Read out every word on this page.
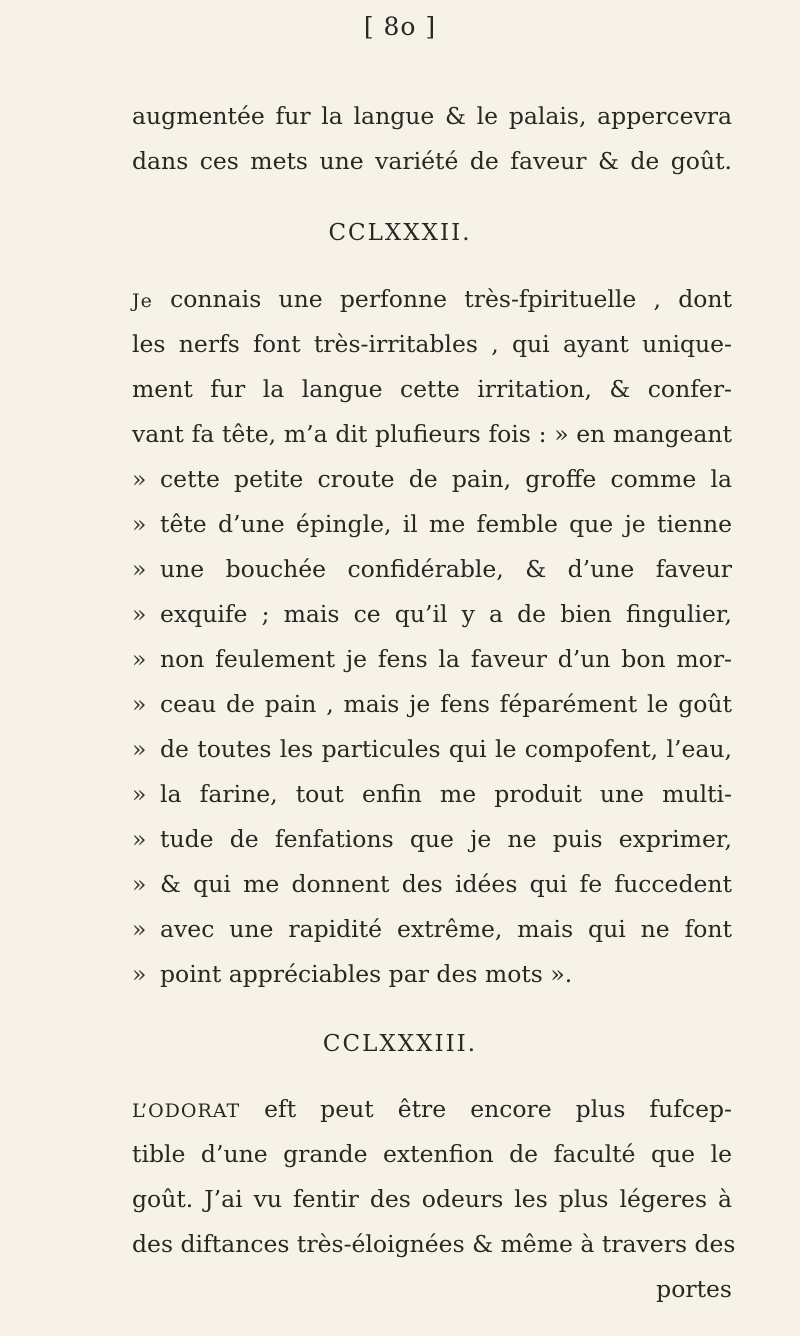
[ 8o ]
augmentée fur la langue & le palais, appercevra
dans ces mets une variété de faveur & de goût.
CCLXXXII.
Je connais une perfonne très-fpirituelle , dont
les nerfs font très-irritables , qui ayant unique-
ment fur la langue cette irritation, & confer-
vant fa tête, m’a dit plufieurs fois : » en mangeant
» cette petite croute de pain, groffe comme la
» tête d’une épingle, il me femble que je tienne
» une bouchée confidérable, & d’une faveur
» exquife ; mais ce qu’il y a de bien fingulier,
» non feulement je fens la faveur d’un bon mor-
» ceau de pain , mais je fens féparément le goût
» de toutes les particules qui le compofent, l’eau,
» la farine, tout enfin me produit une multi-
» tude de fenfations que je ne puis exprimer,
» & qui me donnent des idées qui fe fuccedent
» avec une rapidité extrême, mais qui ne font
» point appréciables par des mots ».
CCLXXXIII.
L’ODORAT eft peut être encore plus fufcep-
tible d’une grande extenfion de faculté que le
goût. J’ai vu fentir des odeurs les plus légeres à
des diftances très-éloignées & même à travers des
portes
